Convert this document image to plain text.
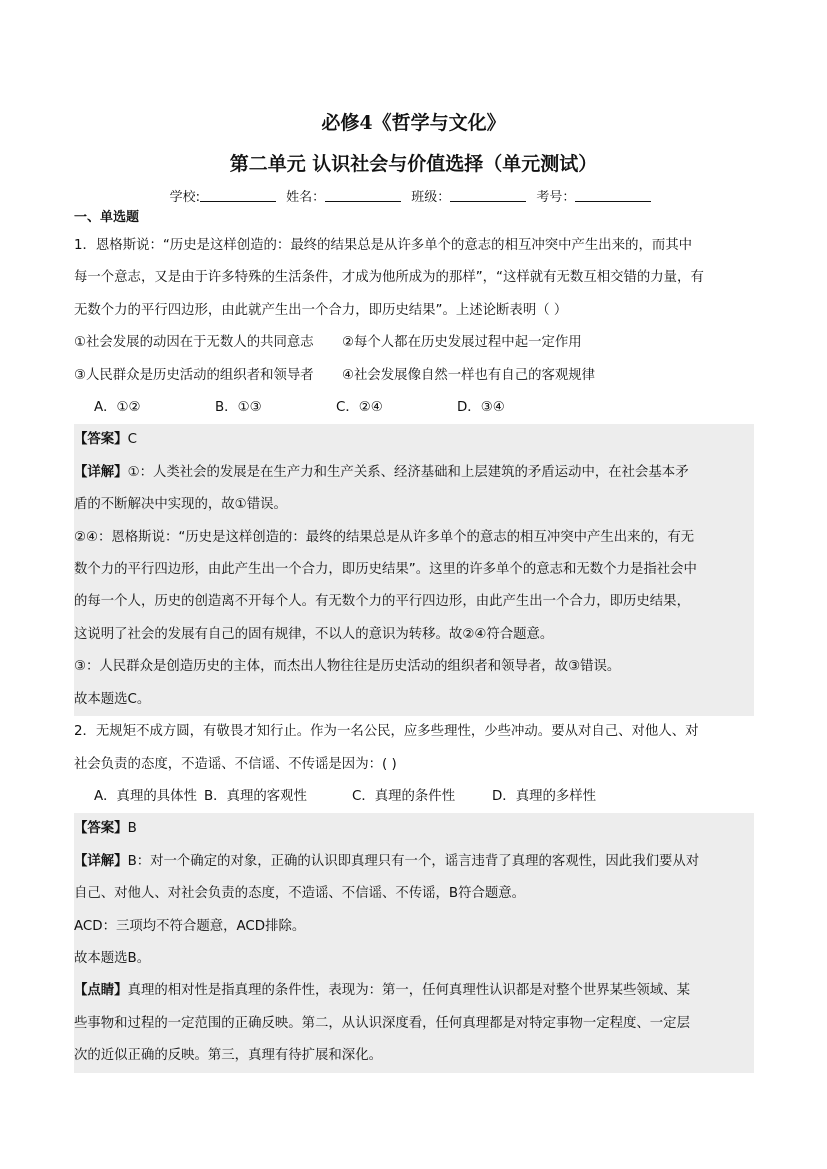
必修4《哲学与文化》
第二单元 认识社会与价值选择（单元测试）
学校:	姓名：	班级：	考号：
一、单选题
1．恩格斯说：“历史是这样创造的：最终的结果总是从许多单个的意志的相互冲突中产生出来的，而其中
每一个意志，又是由于许多特殊的生活条件，才成为他所成为的那样”，“这样就有无数互相交错的力量，有
无数个力的平行四边形，由此就产生出一个合力，即历史结果”。上述论断表明（ ）
①社会发展的动因在于无数人的共同意志	②每个人都在历史发展过程中起一定作用
③人民群众是历史活动的组织者和领导者	④社会发展像自然一样也有自己的客观规律
A．①②	B．①③	C．②④	D．③④
【答案】C
【详解】①：人类社会的发展是在生产力和生产关系、经济基础和上层建筑的矛盾运动中，在社会基本矛
盾的不断解决中实现的，故①错误。
②④：恩格斯说：“历史是这样创造的：最终的结果总是从许多单个的意志的相互冲突中产生出来的，有无
数个力的平行四边形，由此产生出一个合力，即历史结果”。这里的许多单个的意志和无数个力是指社会中
的每一个人，历史的创造离不开每个人。有无数个力的平行四边形，由此产生出一个合力，即历史结果，
这说明了社会的发展有自己的固有规律，不以人的意识为转移。故②④符合题意。
③：人民群众是创造历史的主体，而杰出人物往往是历史活动的组织者和领导者，故③错误。
故本题选C。
2．无规矩不成方圆，有敬畏才知行止。作为一名公民，应多些理性，少些冲动。要从对自己、对他人、对
社会负责的态度，不造谣、不信谣、不传谣是因为：( )
A．真理的具体性 B．真理的客观性	C．真理的条件性	D．真理的多样性
【答案】B
【详解】B：对一个确定的对象，正确的认识即真理只有一个，谣言违背了真理的客观性，因此我们要从对
自己、对他人、对社会负责的态度，不造谣、不信谣、不传谣，B符合题意。
ACD：三项均不符合题意，ACD排除。
故本题选B。
【点睛】真理的相对性是指真理的条件性，表现为：第一，任何真理性认识都是对整个世界某些领域、某
些事物和过程的一定范围的正确反映。第二，从认识深度看，任何真理都是对特定事物一定程度、一定层
次的近似正确的反映。第三，真理有待扩展和深化。
